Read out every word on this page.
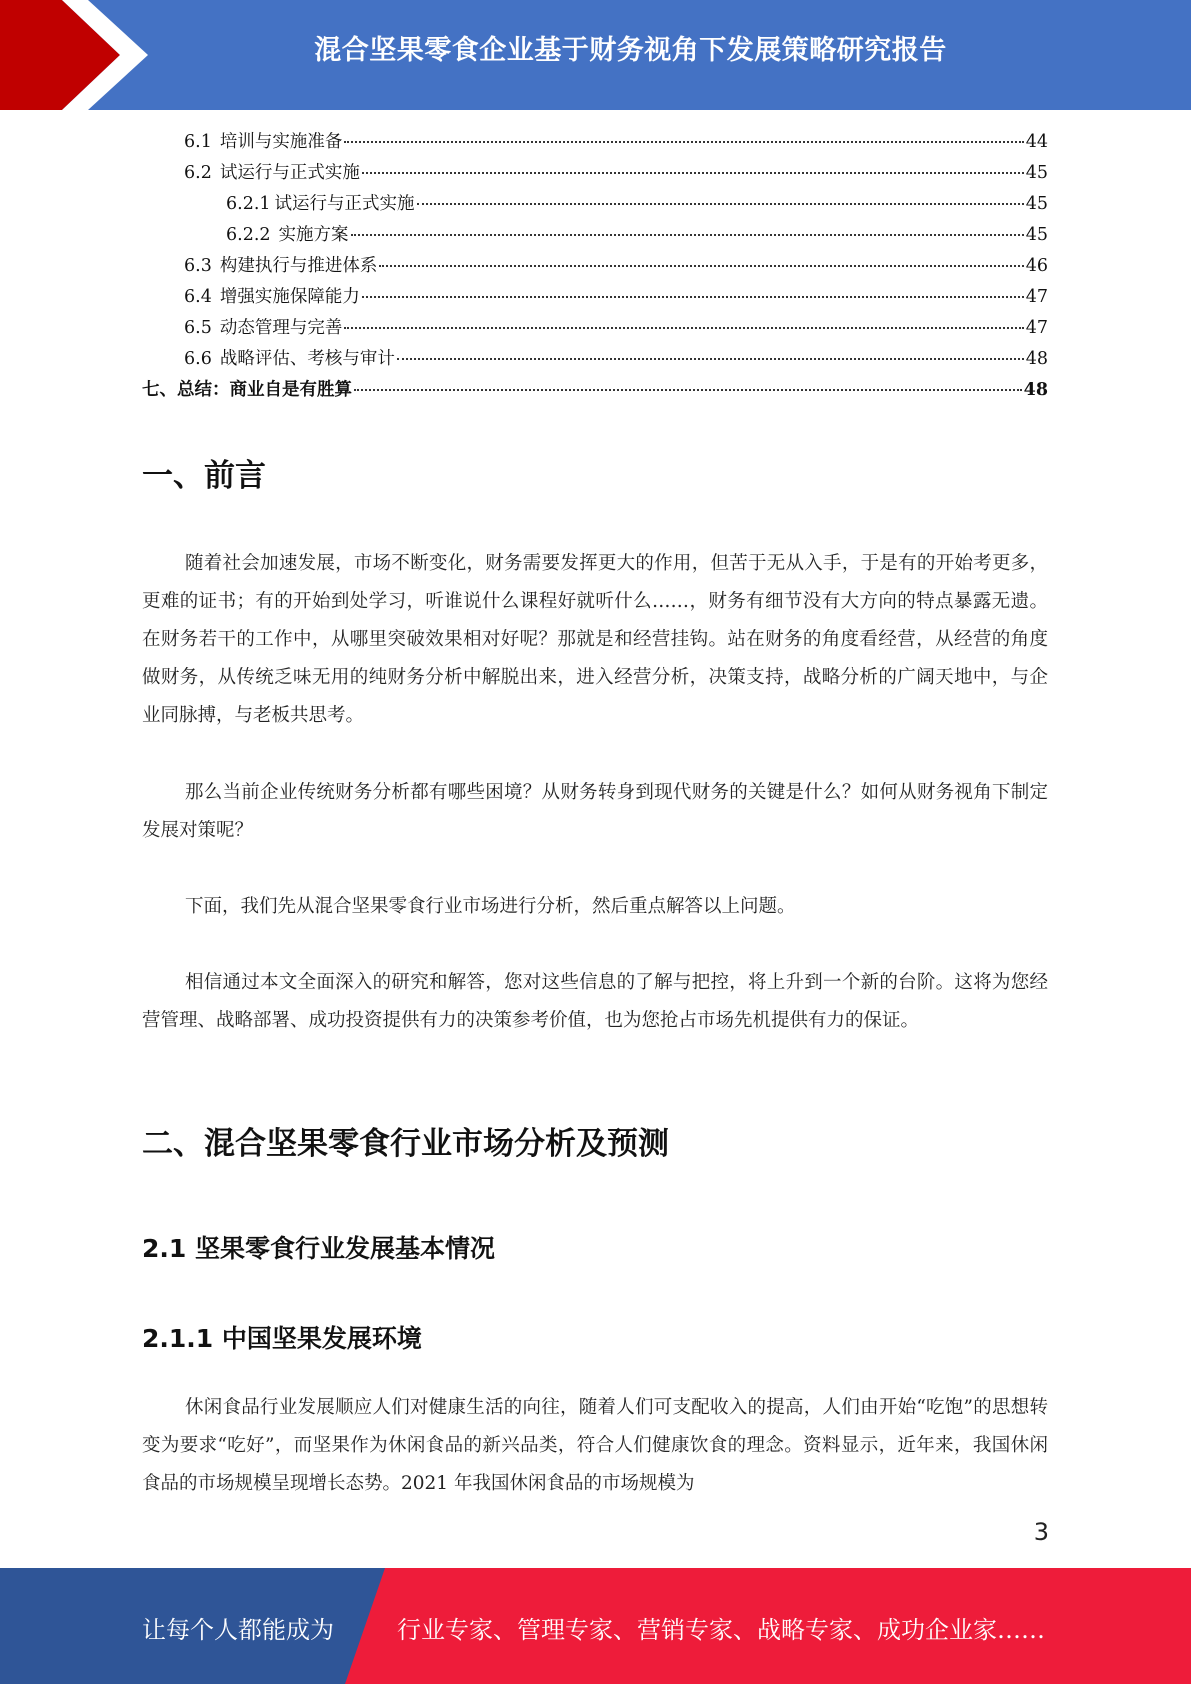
混合坚果零食企业基于财务视角下发展策略研究报告
6.1 培训与实施准备	44
6.2 试运行与正式实施	45
6.2.1 试运行与正式实施	45
6.2.2 实施方案	45
6.3 构建执行与推进体系	46
6.4 增强实施保障能力	47
6.5 动态管理与完善	47
6.6 战略评估、考核与审计	48
七、 总结：商业自是有胜算	48
一、前言
随着社会加速发展，市场不断变化，财务需要发挥更大的作用，但苦于无从入手，于是有的开始考更多，更难的证书；有的开始到处学习，听谁说什么课程好就听什么……，财务有细节没有大方向的特点暴露无遗。在财务若干的工作中，从哪里突破效果相对好呢？那就是和经营挂钩。站在财务的角度看经营，从经营的角度做财务，从传统乏味无用的纯财务分析中解脱出来，进入经营分析，决策支持，战略分析的广阔天地中，与企业同脉搏，与老板共思考。
那么当前企业传统财务分析都有哪些困境？从财务转身到现代财务的关键是什么？如何从财务视角下制定发展对策呢？
下面，我们先从混合坚果零食行业市场进行分析，然后重点解答以上问题。
相信通过本文全面深入的研究和解答，您对这些信息的了解与把控，将上升到一个新的台阶。这将为您经营管理、战略部署、成功投资提供有力的决策参考价值，也为您抢占市场先机提供有力的保证。
二、混合坚果零食行业市场分析及预测
2.1 坚果零食行业发展基本情况
2.1.1 中国坚果发展环境
休闲食品行业发展顺应人们对健康生活的向往，随着人们可支配收入的提高，人们由开始“吃饱”的思想转变为要求“吃好”，而坚果作为休闲食品的新兴品类，符合人们健康饮食的理念。资料显示，近年来，我国休闲食品的市场规模呈现增长态势。2021 年我国休闲食品的市场规模为
3
让每个人都能成为	行业专家、管理专家、营销专家、战略专家、成功企业家……
